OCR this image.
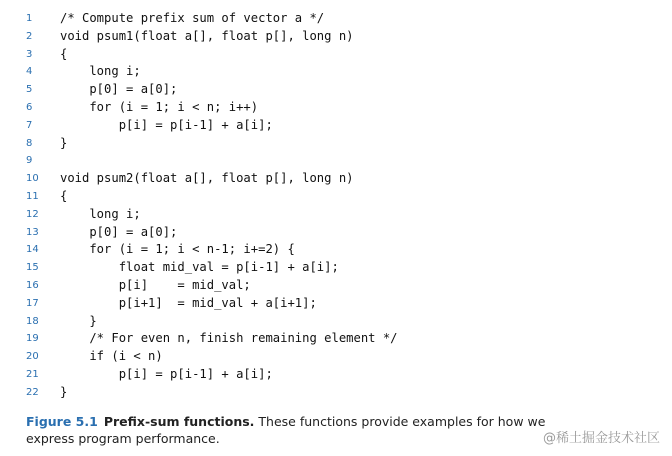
1	/* Compute prefix sum of vector a */
2	void psum1(float a[], float p[], long n)
3	{
4	long i;
5	p[0] = a[0];
6	for (i = 1; i < n; i++)
7	p[i] = p[i-1] + a[i];
8	}
9
10 void psum2(float a[], float p[], long n)
11 {
12 long i;
13 p[0] = a[0];
14 for (i = 1; i < n-1; i+=2) {
15 float mid_val = p[i-1] + a[i];
16 p[i]    = mid_val;
17 p[i+1]  = mid_val + a[i+1];
18 }
19 /* For even n, finish remaining element */
20 if (i < n)
21 p[i] = p[i-1] + a[i];
22 }
Figure 5.1 Prefix-sum functions. These functions provide examples for how we express program performance.	@稀土掘金技术社区
